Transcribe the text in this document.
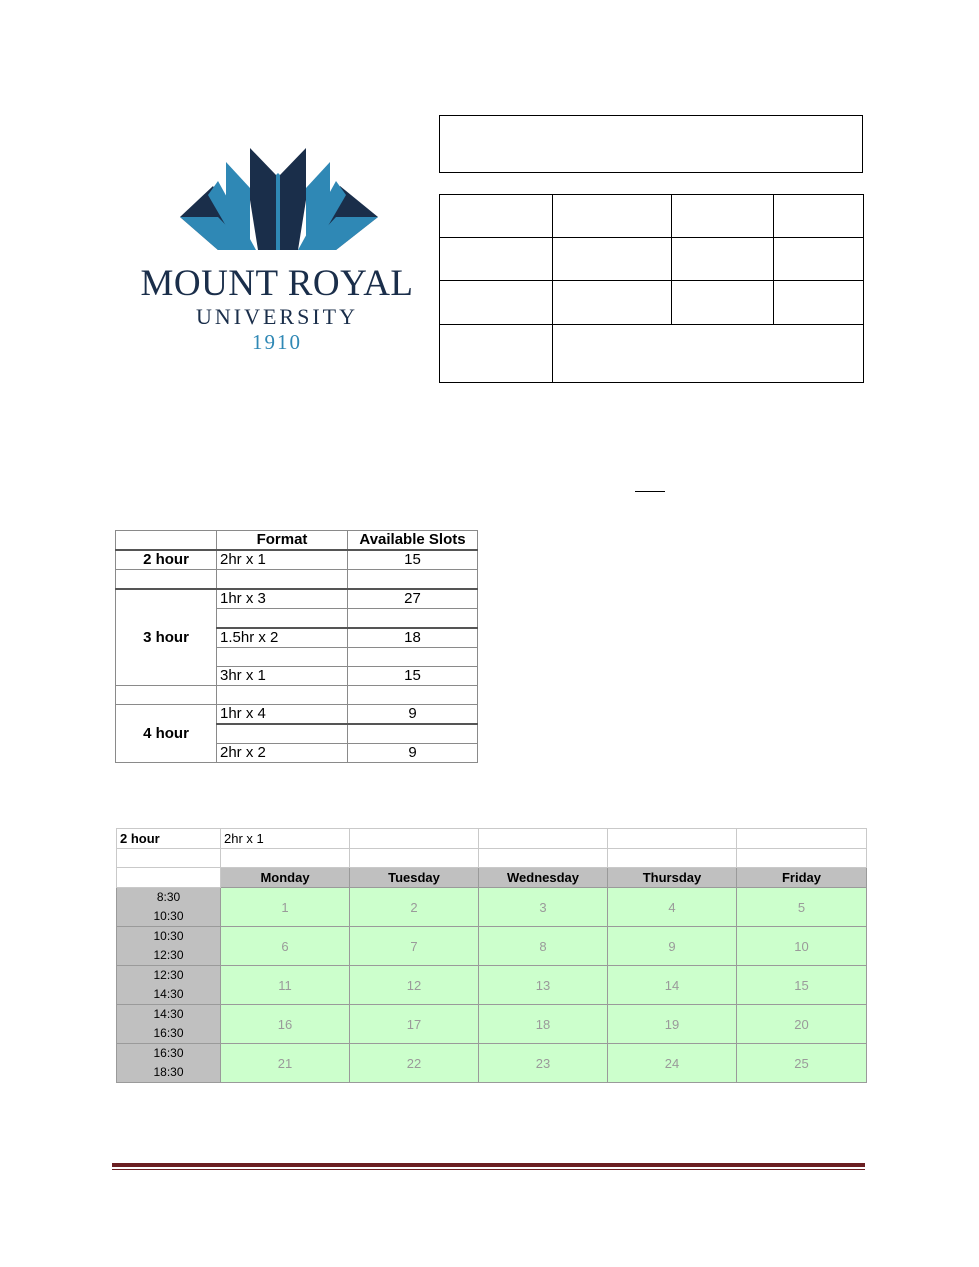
MOUNT ROYAL
UNIVERSITY
1910

	Format	Available Slots
2 hour	2hr x 1	15

3 hour	1hr x 3	27

	1.5hr x 2	18

	3hr x 1	15

4 hour	1hr x 4	9

	2hr x 2	9
2 hour	2hr x 1				

	Monday	Tuesday	Wednesday	Thursday	Friday

8:30
10:30	1	2	3	4	5

10:30
12:30	6	7	8	9	10

12:30
14:30	11	12	13	14	15

14:30
16:30	16	17	18	19	20

16:30
18:30	21	22	23	24	25
